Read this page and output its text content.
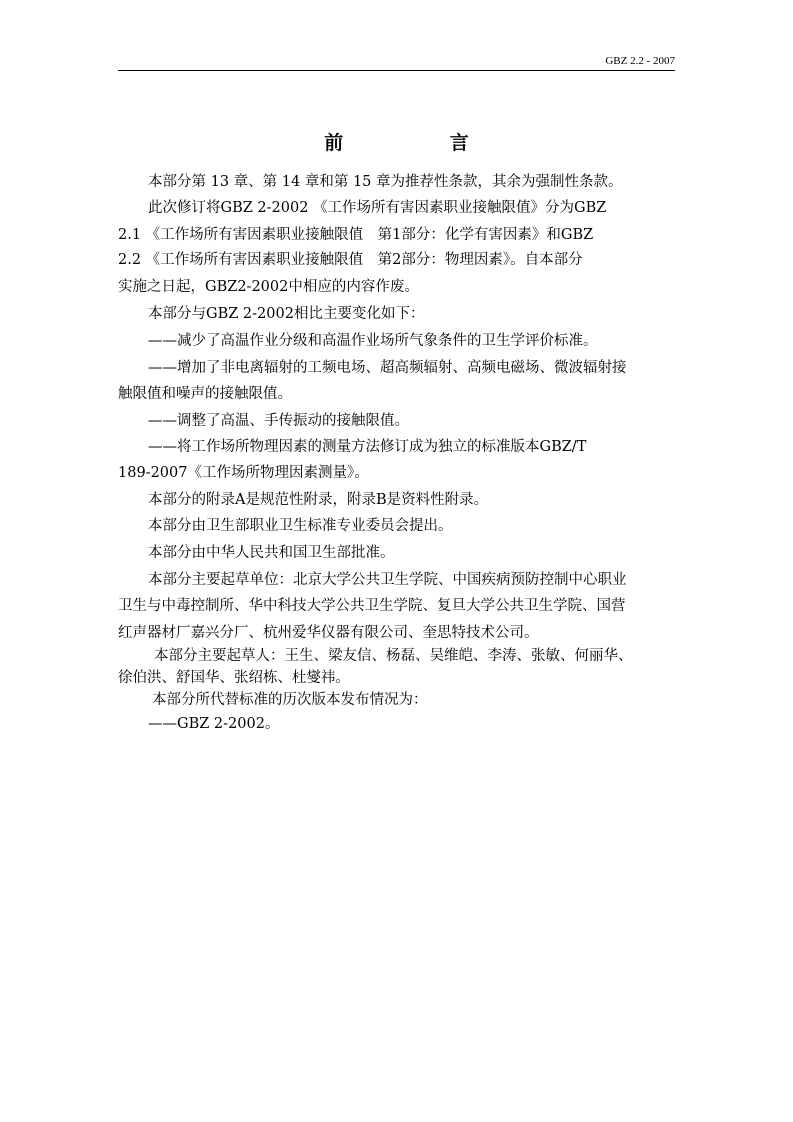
GBZ 2.2 - 2007
前　　言
本部分第 13 章、第 14 章和第 15 章为推荐性条款，其余为强制性条款。
此次修订将GBZ 2-2002 《工作场所有害因素职业接触限值》分为GBZ
2.1 《工作场所有害因素职业接触限值　第1部分：化学有害因素》和GBZ
2.2 《工作场所有害因素职业接触限值　第2部分：物理因素》。自本部分
实施之日起，GBZ2-2002中相应的内容作废。
本部分与GBZ 2-2002相比主要变化如下：
——减少了高温作业分级和高温作业场所气象条件的卫生学评价标准。
——增加了非电离辐射的工频电场、超高频辐射、高频电磁场、微波辐射接
触限值和噪声的接触限值。
——调整了高温、手传振动的接触限值。
——将工作场所物理因素的测量方法修订成为独立的标准版本GBZ/T
189-2007《工作场所物理因素测量》。
本部分的附录A是规范性附录，附录B是资料性附录。
本部分由卫生部职业卫生标准专业委员会提出。
本部分由中华人民共和国卫生部批准。
本部分主要起草单位：北京大学公共卫生学院、中国疾病预防控制中心职业
卫生与中毒控制所、华中科技大学公共卫生学院、复旦大学公共卫生学院、国营
红声器材厂嘉兴分厂、杭州爱华仪器有限公司、奎思特技术公司。
本部分主要起草人：王生、梁友信、杨磊、吴维皑、李涛、张敏、何丽华、
徐伯洪、舒国华、张绍栋、杜燮祎。
本部分所代替标准的历次版本发布情况为：
——GBZ 2-2002。
